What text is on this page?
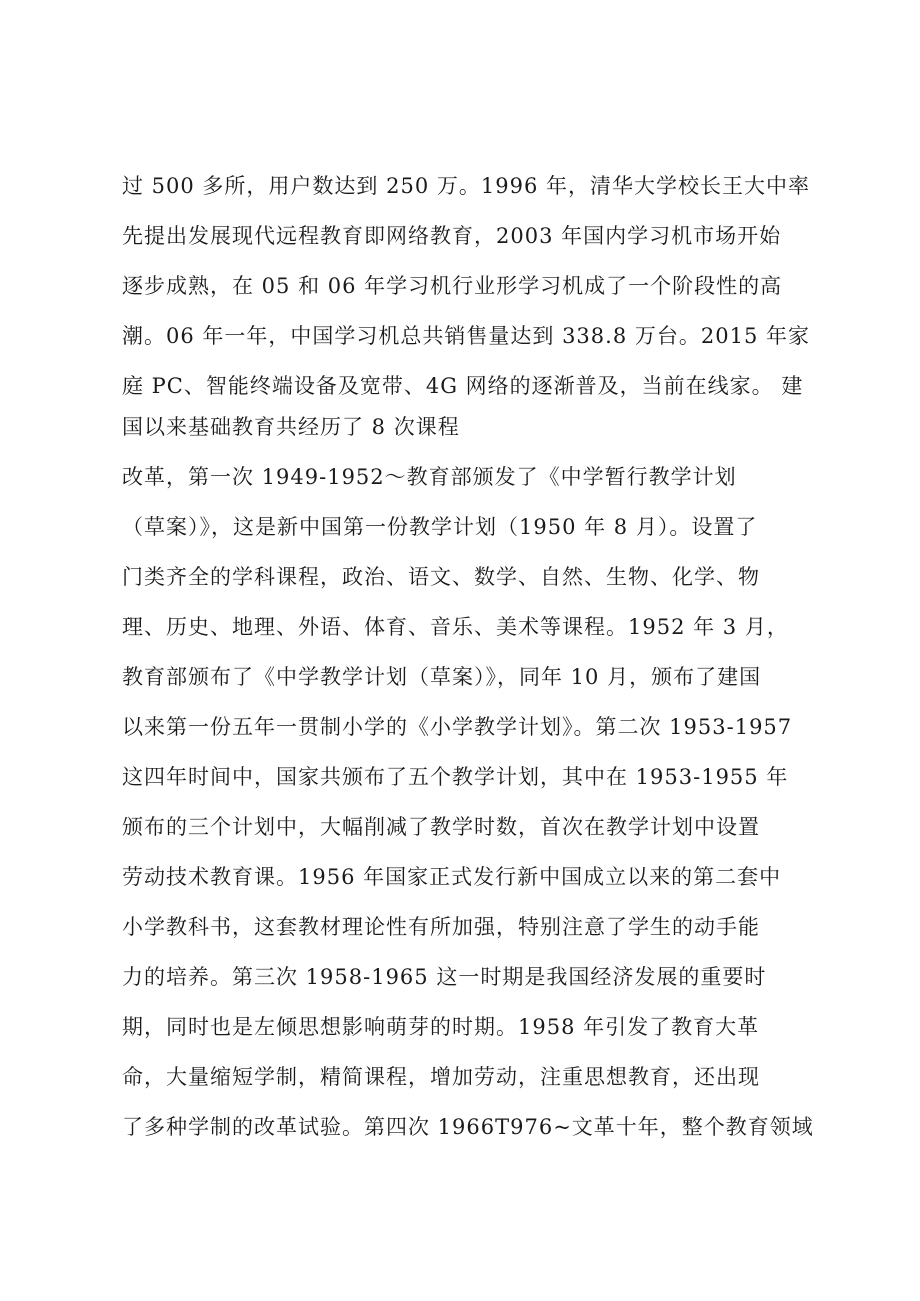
过 500 多所，用户数达到 250 万。1996 年，清华大学校长王大中率
先提出发展现代远程教育即网络教育，2003 年国内学习机市场开始
逐步成熟，在 05 和 06 年学习机行业形学习机成了一个阶段性的高
潮。06 年一年，中国学习机总共销售量达到 338.8 万台。2015 年家
庭 PC、智能终端设备及宽带、4G 网络的逐渐普及，当前在线家。 建
国以来基础教育共经历了 8 次课程
改革，第一次 1949-1952～教育部颁发了《中学暂行教学计划
（草案）》，这是新中国第一份教学计划（1950 年 8 月）。设置了
门类齐全的学科课程，政治、语文、数学、自然、生物、化学、物
理、历史、地理、外语、体育、音乐、美术等课程。1952 年 3 月，
教育部颁布了《中学教学计划（草案）》，同年 10 月，颁布了建国
以来第一份五年一贯制小学的《小学教学计划》。第二次 1953-1957
这四年时间中，国家共颁布了五个教学计划，其中在 1953-1955 年
颁布的三个计划中，大幅削减了教学时数，首次在教学计划中设置
劳动技术教育课。1956 年国家正式发行新中国成立以来的第二套中
小学教科书，这套教材理论性有所加强，特别注意了学生的动手能
力的培养。第三次 1958-1965 这一时期是我国经济发展的重要时
期，同时也是左倾思想影响萌芽的时期。1958 年引发了教育大革
命，大量缩短学制，精简课程，增加劳动，注重思想教育，还出现
了多种学制的改革试验。第四次 1966T976~文革十年，整个教育领域
